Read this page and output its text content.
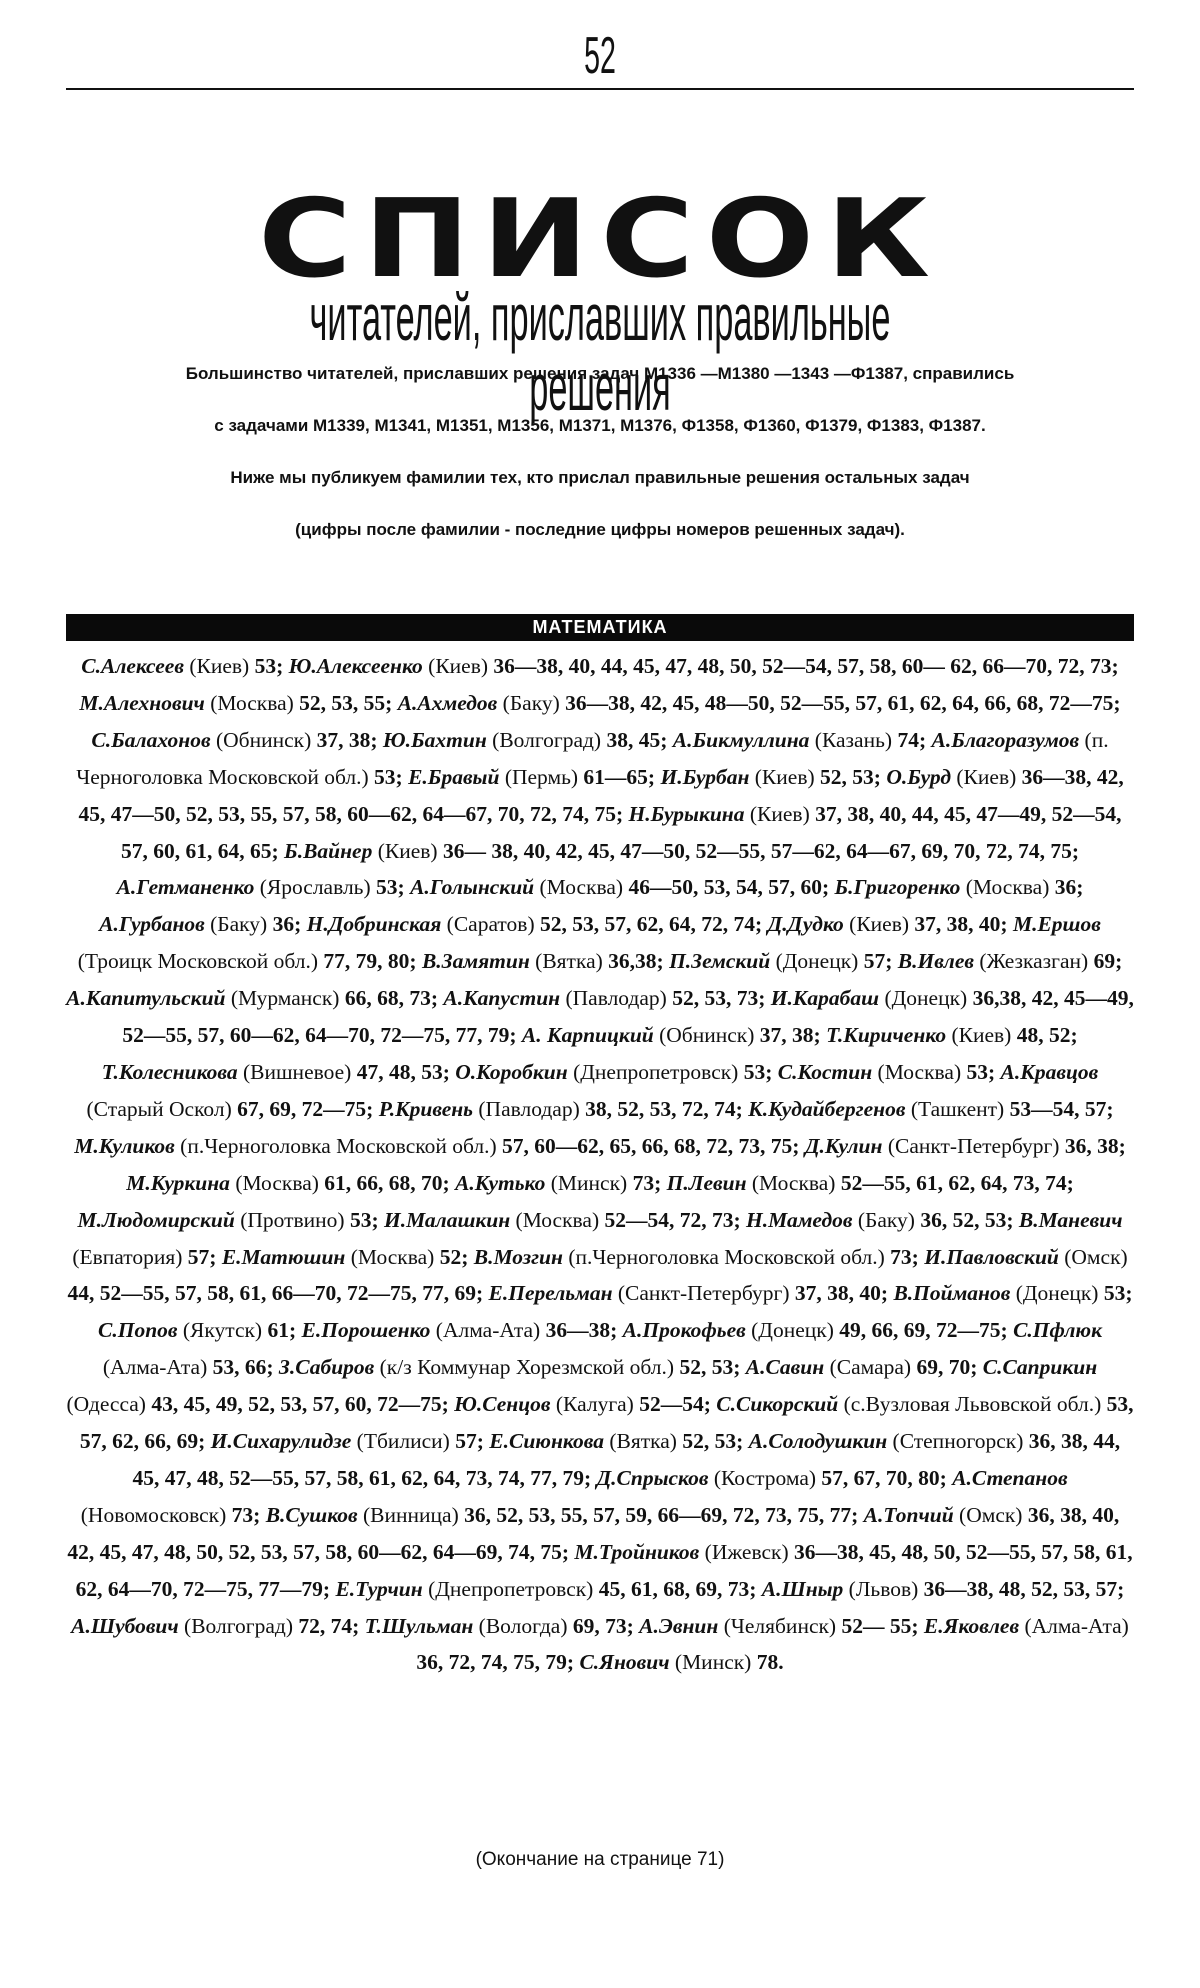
52
СПИСОК
читателей, приславших правильные решения
Большинство читателей, приславших решения задач М1336 —М1380 —1343 —Ф1387, справились
с задачами М1339, М1341, М1351, М1356, М1371, М1376, Ф1358, Ф1360, Ф1379, Ф1383, Ф1387.
Ниже мы публикуем фамилии тех, кто прислал правильные решения остальных задач
(цифры после фамилии - последние цифры номеров решенных задач).
МАТЕМАТИКА
С.Алексеев (Киев) 53; Ю.Алексеенко (Киев) 36—38, 40, 44, 45, 47, 48, 50, 52—54, 57, 58, 60— 62, 66—70, 72, 73; М.Алехнович (Москва) 52, 53, 55; А.Ахмедов (Баку) 36—38, 42, 45, 48—50, 52—55, 57, 61, 62, 64, 66, 68, 72—75; С.Балахонов (Обнинск) 37, 38; Ю.Бахтин (Волгоград) 38, 45; А.Бикмуллина (Казань) 74; А.Благоразумов (п. Черноголовка Московской обл.) 53; Е.Бравый (Пермь) 61—65; И.Бурбан (Киев) 52, 53; О.Бурд (Киев) 36—38, 42, 45, 47—50, 52, 53, 55, 57, 58, 60—62, 64—67, 70, 72, 74, 75; Н.Бурыкина (Киев) 37, 38, 40, 44, 45, 47—49, 52—54, 57, 60, 61, 64, 65; Б.Вайнер (Киев) 36— 38, 40, 42, 45, 47—50, 52—55, 57—62, 64—67, 69, 70, 72, 74, 75; А.Гетманенко (Ярославль) 53; А.Голынский (Москва) 46—50, 53, 54, 57, 60; Б.Григоренко (Москва) 36; А.Гурбанов (Баку) 36; Н.Добринская (Саратов) 52, 53, 57, 62, 64, 72, 74; Д.Дудко (Киев) 37, 38, 40; М.Ершов (Троицк Московской обл.) 77, 79, 80; В.Замятин (Вятка) 36,38; П.Земский (Донецк) 57; В.Ивлев (Жезказган) 69; А.Капитульский (Мурманск) 66, 68, 73; А.Капустин (Павлодар) 52, 53, 73; И.Карабаш (Донецк) 36,38, 42, 45—49, 52—55, 57, 60—62, 64—70, 72—75, 77, 79; А. Карпицкий (Обнинск) 37, 38; Т.Кириченко (Киев) 48, 52; Т.Колесникова (Вишневое) 47, 48, 53; О.Коробкин (Днепропетровск) 53; С.Костин (Москва) 53; А.Кравцов (Старый Оскол) 67, 69, 72—75; Р.Кривень (Павлодар) 38, 52, 53, 72, 74; К.Кудайбергенов (Ташкент) 53—54, 57; М.Куликов (п.Черноголовка Московской обл.) 57, 60—62, 65, 66, 68, 72, 73, 75; Д.Кулин (Санкт-Петербург) 36, 38; М.Куркина (Москва) 61, 66, 68, 70; А.Кутько (Минск) 73; П.Левин (Москва) 52—55, 61, 62, 64, 73, 74; М.Людомирский (Протвино) 53; И.Малашкин (Москва) 52—54, 72, 73; Н.Мамедов (Баку) 36, 52, 53; В.Маневич (Евпатория) 57; Е.Матюшин (Москва) 52; В.Мозгин (п.Черноголовка Московской обл.) 73; И.Павловский (Омск) 44, 52—55, 57, 58, 61, 66—70, 72—75, 77, 69; Е.Перельман (Санкт-Петербург) 37, 38, 40; В.Пойманов (Донецк) 53; С.Попов (Якутск) 61; Е.Порошенко (Алма-Ата) 36—38; А.Прокофьев (Донецк) 49, 66, 69, 72—75; С.Пфлюк (Алма-Ата) 53, 66; З.Сабиров (к/з Коммунар Хорезмской обл.) 52, 53; А.Савин (Самара) 69, 70; С.Саприкин (Одесса) 43, 45, 49, 52, 53, 57, 60, 72—75; Ю.Сенцов (Калуга) 52—54; С.Сикорский (с.Вузловая Львовской обл.) 53, 57, 62, 66, 69; И.Сихарулидзе (Тбилиси) 57; Е.Сиюнкова (Вятка) 52, 53; А.Солодушкин (Степногорск) 36, 38, 44, 45, 47, 48, 52—55, 57, 58, 61, 62, 64, 73, 74, 77, 79; Д.Спрысков (Кострома) 57, 67, 70, 80; А.Степанов (Новомосковск) 73; В.Сушков (Винница) 36, 52, 53, 55, 57, 59, 66—69, 72, 73, 75, 77; А.Топчий (Омск) 36, 38, 40, 42, 45, 47, 48, 50, 52, 53, 57, 58, 60—62, 64—69, 74, 75; М.Тройников (Ижевск) 36—38, 45, 48, 50, 52—55, 57, 58, 61, 62, 64—70, 72—75, 77—79; Е.Турчин (Днепропетровск) 45, 61, 68, 69, 73; А.Шныр (Львов) 36—38, 48, 52, 53, 57; А.Шубович (Волгоград) 72, 74; Т.Шульман (Вологда) 69, 73; А.Эвнин (Челябинск) 52— 55; Е.Яковлев (Алма-Ата) 36, 72, 74, 75, 79; С.Янович (Минск) 78.
(Окончание на странице 71)
